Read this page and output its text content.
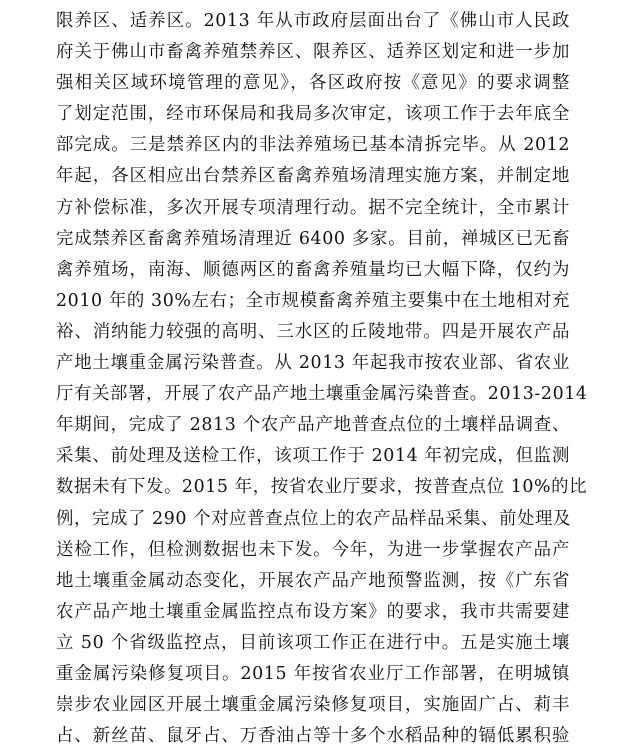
限养区、适养区。2013 年从市政府层面出台了《佛山市人民政
府关于佛山市畜禽养殖禁养区、限养区、适养区划定和进一步加
强相关区域环境管理的意见》，各区政府按《意见》的要求调整
了划定范围，经市环保局和我局多次审定，该项工作于去年底全
部完成。三是禁养区内的非法养殖场已基本清拆完毕。从 2012
年起，各区相应出台禁养区畜禽养殖场清理实施方案，并制定地
方补偿标准，多次开展专项清理行动。据不完全统计，全市累计
完成禁养区畜禽养殖场清理近 6400 多家。目前，禅城区已无畜
禽养殖场，南海、顺德两区的畜禽养殖量均已大幅下降，仅约为
2010 年的 30%左右；全市规模畜禽养殖主要集中在土地相对充
裕、消纳能力较强的高明、三水区的丘陵地带。四是开展农产品
产地土壤重金属污染普查。从 2013 年起我市按农业部、省农业
厅有关部署，开展了农产品产地土壤重金属污染普查。2013-2014
年期间，完成了 2813 个农产品产地普查点位的土壤样品调查、
采集、前处理及送检工作，该项工作于 2014 年初完成，但监测
数据未有下发。2015 年，按省农业厅要求，按普查点位 10%的比
例，完成了 290 个对应普查点位上的农产品样品采集、前处理及
送检工作，但检测数据也未下发。今年，为进一步掌握农产品产
地土壤重金属动态变化，开展农产品产地预警监测，按《广东省
农产品产地土壤重金属监控点布设方案》的要求，我市共需要建
立 50 个省级监控点，目前该项工作正在进行中。五是实施土壤
重金属污染修复项目。2015 年按省农业厅工作部署，在明城镇
崇步农业园区开展土壤重金属污染修复项目，实施固广占、莉丰
占、新丝苗、鼠牙占、万香油占等十多个水稻品种的镉低累积验
